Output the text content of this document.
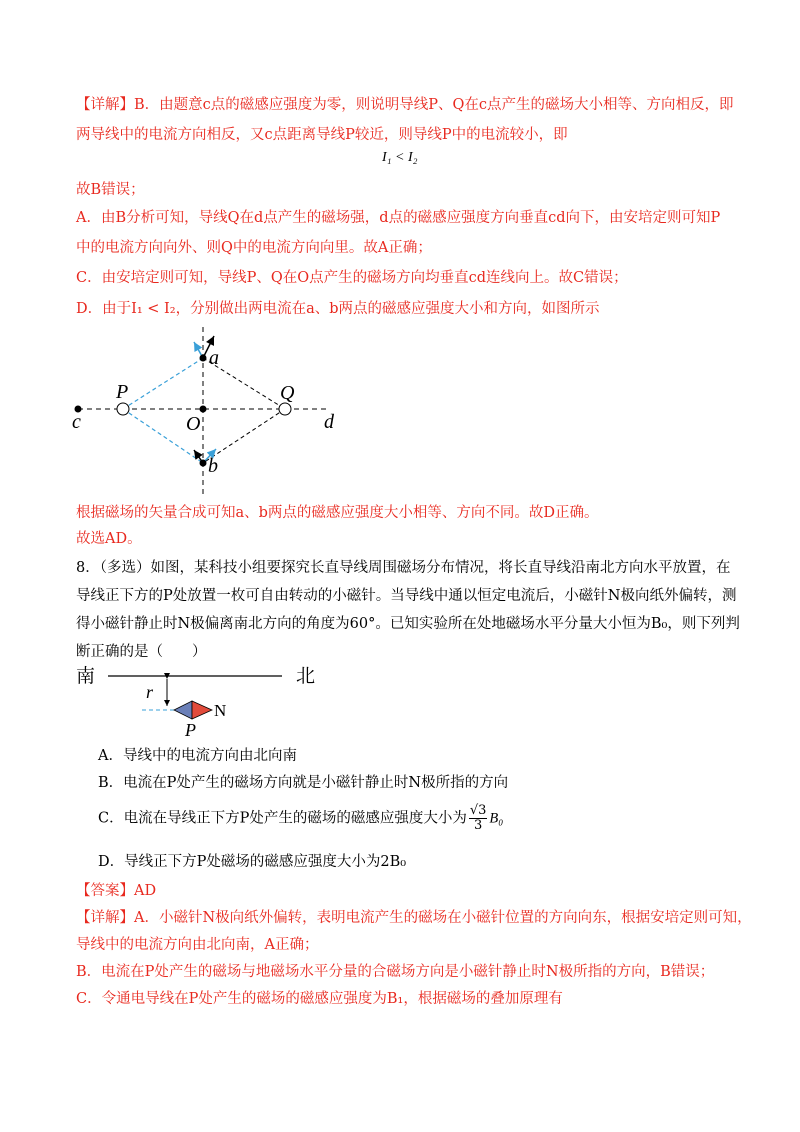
【详解】B．由题意c点的磁感应强度为零，则说明导线P、Q在c点产生的磁场大小相等、方向相反，即
两导线中的电流方向相反，又c点距离导线P较近，则导线P中的电流较小，即
I₁ < I₂
故B错误；
A．由B分析可知，导线Q在d点产生的磁场强，d点的磁感应强度方向垂直cd向下，由安培定则可知P
中的电流方向向外、则Q中的电流方向向里。故A正确；
C．由安培定则可知，导线P、Q在O点产生的磁场方向均垂直cd连线向上。故C错误；
D．由于I₁ < I₂，分别做出两电流在a、b两点的磁感应强度大小和方向，如图所示
a
b
P	Q
O
c	d
根据磁场的矢量合成可知a、b两点的磁感应强度大小相等、方向不同。故D正确。
故选AD。
8．（多选）如图，某科技小组要探究长直导线周围磁场分布情况，将长直导线沿南北方向水平放置，在
导线正下方的P处放置一枚可自由转动的小磁针。当导线中通以恒定电流后，小磁针N极向纸外偏转，测
得小磁针静止时N极偏离南北方向的角度为60°。已知实验所在处地磁场水平分量大小恒为B₀，则下列判
断正确的是（　　）
南	北
r
N
P
A．导线中的电流方向由北向南
B．电流在P处产生的磁场方向就是小磁针静止时N极所指的方向
C．电流在导线正下方P处产生的磁场的磁感应强度大小为 $\frac{√3}{3} B_0$
D．导线正下方P处磁场的磁感应强度大小为2B₀
【答案】AD
【详解】A．小磁针N极向纸外偏转，表明电流产生的磁场在小磁针位置的方向向东，根据安培定则可知，
导线中的电流方向由北向南，A正确；
B．电流在P处产生的磁场与地磁场水平分量的合磁场方向是小磁针静止时N极所指的方向，B错误；
C．令通电导线在P处产生的磁场的磁感应强度为B₁，根据磁场的叠加原理有
